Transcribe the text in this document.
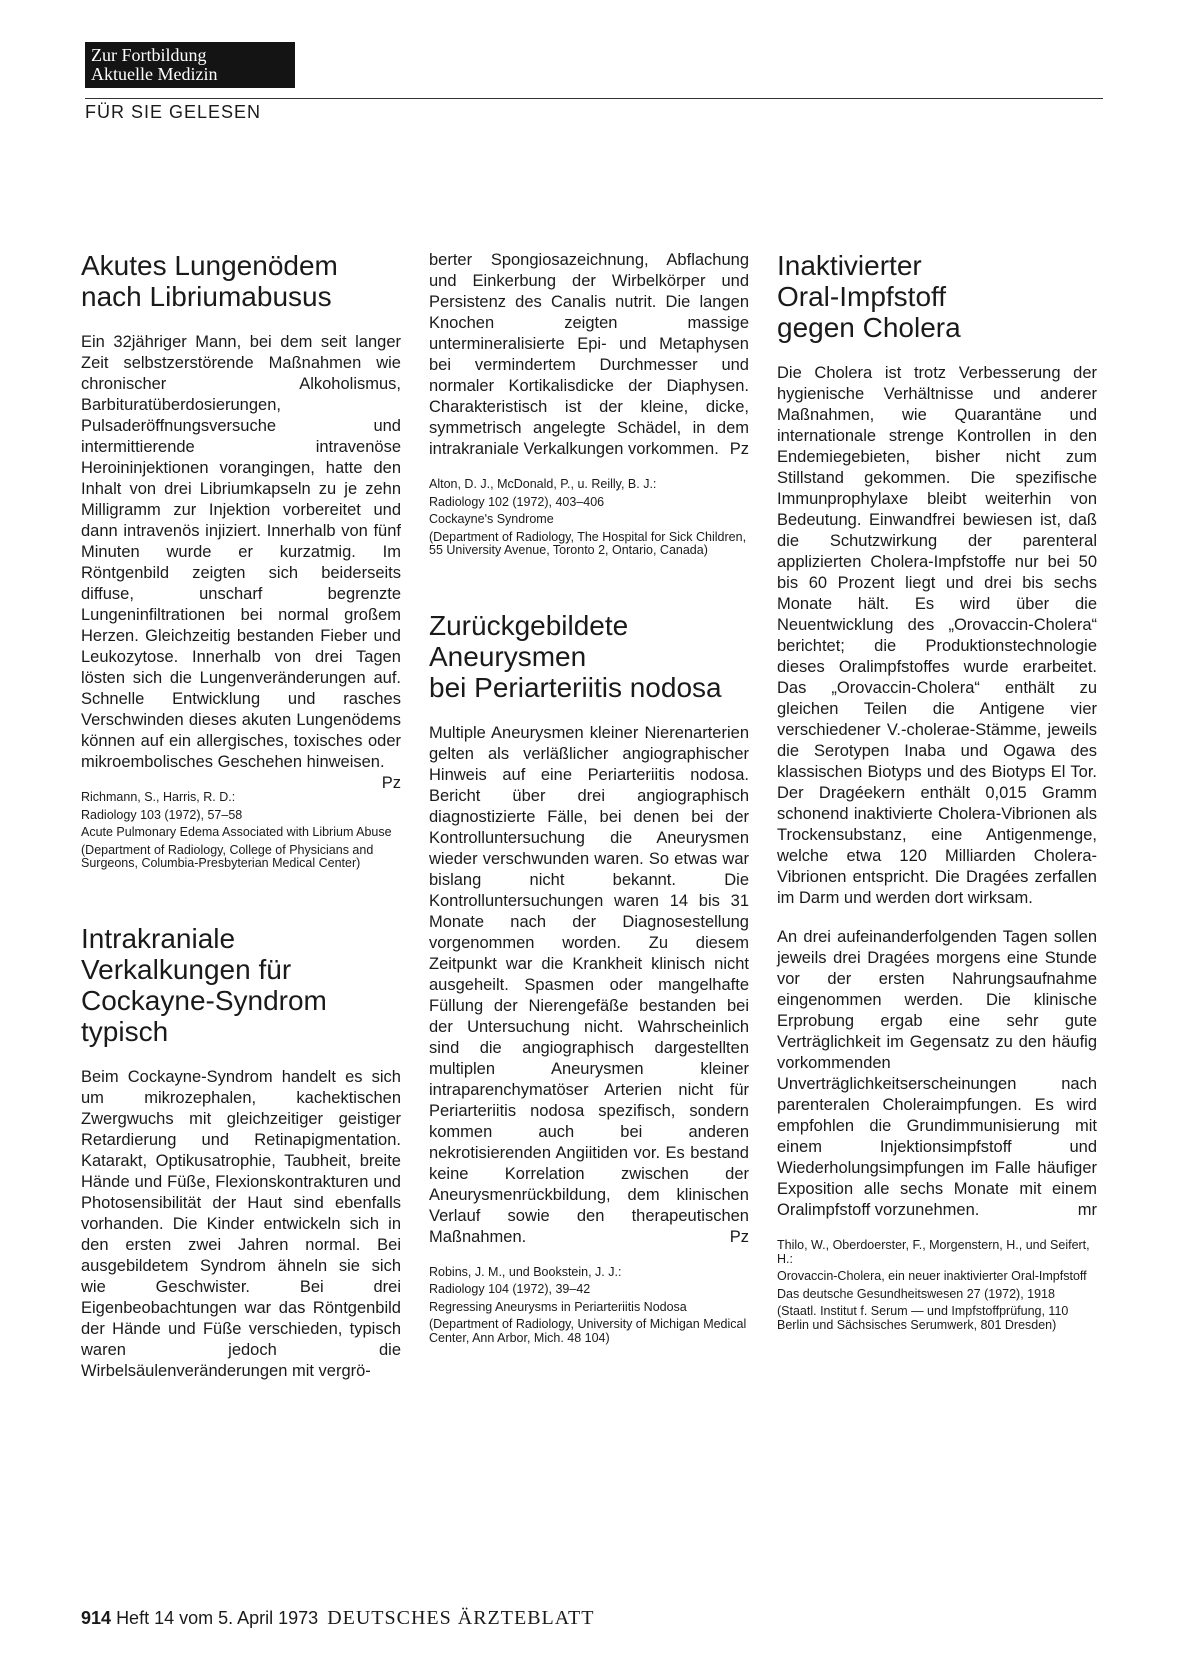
Zur Fortbildung
Aktuelle Medizin
FÜR SIE GELESEN
Akutes Lungenödem
nach Libriumabusus

Ein 32jähriger Mann, bei dem seit langer Zeit selbstzerstörende Maßnahmen wie chronischer Alkoholismus, Barbituratüberdosierungen, Pulsaderöffnungsversuche und intermittierende intravenöse Heroininjektionen vorangingen, hatte den Inhalt von drei Libriumkapseln zu je zehn Milligramm zur Injektion vorbereitet und dann intravenös injiziert. Innerhalb von fünf Minuten wurde er kurzatmig. Im Röntgenbild zeigten sich beiderseits diffuse, unscharf begrenzte Lungeninfiltrationen bei normal großem Herzen. Gleichzeitig bestanden Fieber und Leukozytose. Innerhalb von drei Tagen lösten sich die Lungenveränderungen auf. Schnelle Entwicklung und rasches Verschwinden dieses akuten Lungenödems können auf ein allergisches, toxisches oder mikroembolisches Geschehen hinweisen.
Pz

Richmann, S., Harris, R. D.:

Radiology 103 (1972), 57–58

Acute Pulmonary Edema Associated with Librium Abuse

(Department of Radiology, College of Physicians and Surgeons, Columbia-Presbyterian Medical Center)

Intrakraniale
Verkalkungen für
Cockayne-Syndrom
typisch

Beim Cockayne-Syndrom handelt es sich um mikrozephalen, kachektischen Zwergwuchs mit gleichzeitiger geistiger Retardierung und Retinapigmentation. Katarakt, Optikusatrophie, Taubheit, breite Hände und Füße, Flexionskontrakturen und Photosensibilität der Haut sind ebenfalls vorhanden. Die Kinder entwickeln sich in den ersten zwei Jahren normal. Bei ausgebildetem Syndrom ähneln sie sich wie Geschwister. Bei drei Eigenbeobachtungen war das Röntgenbild der Hände und Füße verschieden, typisch waren jedoch die Wirbelsäulenveränderungen mit vergrö-

berter Spongiosazeichnung, Abflachung und Einkerbung der Wirbelkörper und Persistenz des Canalis nutrit. Die langen Knochen zeigten massige untermineralisierte Epi- und Metaphysen bei vermindertem Durchmesser und normaler Kortikalisdicke der Diaphysen. Charakteristisch ist der kleine, dicke, symmetrisch angelegte Schädel, in dem intrakraniale Verkalkungen vorkommen. Pz

Alton, D. J., McDonald, P., u. Reilly, B. J.:

Radiology 102 (1972), 403–406

Cockayne's Syndrome

(Department of Radiology, The Hospital for Sick Children, 55 University Avenue, Toronto 2, Ontario, Canada)

Zurückgebildete
Aneurysmen
bei Periarteriitis nodosa

Multiple Aneurysmen kleiner Nierenarterien gelten als verläßlicher angiographischer Hinweis auf eine Periarteriitis nodosa. Bericht über drei angiographisch diagnostizierte Fälle, bei denen bei der Kontrolluntersuchung die Aneurysmen wieder verschwunden waren. So etwas war bislang nicht bekannt. Die Kontrolluntersuchungen waren 14 bis 31 Monate nach der Diagnosestellung vorgenommen worden. Zu diesem Zeitpunkt war die Krankheit klinisch nicht ausgeheilt. Spasmen oder mangelhafte Füllung der Nierengefäße bestanden bei der Untersuchung nicht. Wahrscheinlich sind die angiographisch dargestellten multiplen Aneurysmen kleiner intraparenchymatöser Arterien nicht für Periarteriitis nodosa spezifisch, sondern kommen auch bei anderen nekrotisierenden Angiitiden vor. Es bestand keine Korrelation zwischen der Aneurysmenrückbildung, dem klinischen Verlauf sowie den therapeutischen Maßnahmen.	Pz

Robins, J. M., und Bookstein, J. J.:

Radiology 104 (1972), 39–42

Regressing Aneurysms in Periarteriitis Nodosa

(Department of Radiology, University of Michigan Medical Center, Ann Arbor, Mich. 48 104)

Inaktivierter
Oral-Impfstoff
gegen Cholera

Die Cholera ist trotz Verbesserung der hygienische Verhältnisse und anderer Maßnahmen, wie Quarantäne und internationale strenge Kontrollen in den Endemiegebieten, bisher nicht zum Stillstand gekommen. Die spezifische Immunprophylaxe bleibt weiterhin von Bedeutung. Einwandfrei bewiesen ist, daß die Schutzwirkung der parenteral applizierten Cholera-Impfstoffe nur bei 50 bis 60 Prozent liegt und drei bis sechs Monate hält. Es wird über die Neuentwicklung des „Orovaccin-Cholera“ berichtet; die Produktionstechnologie dieses Oralimpfstoffes wurde erarbeitet. Das „Orovaccin-Cholera“ enthält zu gleichen Teilen die Antigene vier verschiedener V.-cholerae-Stämme, jeweils die Serotypen Inaba und Ogawa des klassischen Biotyps und des Biotyps El Tor. Der Dragéekern enthält 0,015 Gramm schonend inaktivierte Cholera-Vibrionen als Trockensubstanz, eine Antigenmenge, welche etwa 120 Milliarden Cholera-Vibrionen entspricht. Die Dragées zerfallen im Darm und werden dort wirksam.

An drei aufeinanderfolgenden Tagen sollen jeweils drei Dragées morgens eine Stunde vor der ersten Nahrungsaufnahme eingenommen werden. Die klinische Erprobung ergab eine sehr gute Verträglichkeit im Gegensatz zu den häufig vorkommenden Unverträglichkeitserscheinungen nach parenteralen Choleraimpfungen. Es wird empfohlen die Grundimmunisierung mit einem Injektionsimpfstoff und Wiederholungsimpfungen im Falle häufiger Exposition alle sechs Monate mit einem Oralimpfstoff vorzunehmen.	mr

Thilo, W., Oberdoerster, F., Morgenstern, H., und Seifert, H.:

Orovaccin-Cholera, ein neuer inaktivierter Oral-Impfstoff

Das deutsche Gesundheitswesen 27 (1972), 1918

(Staatl. Institut f. Serum — und Impfstoffprüfung, 110 Berlin und Sächsisches Serumwerk, 801 Dresden)

914 Heft 14 vom 5. April 1973 DEUTSCHES ÄRZTEBLATT
